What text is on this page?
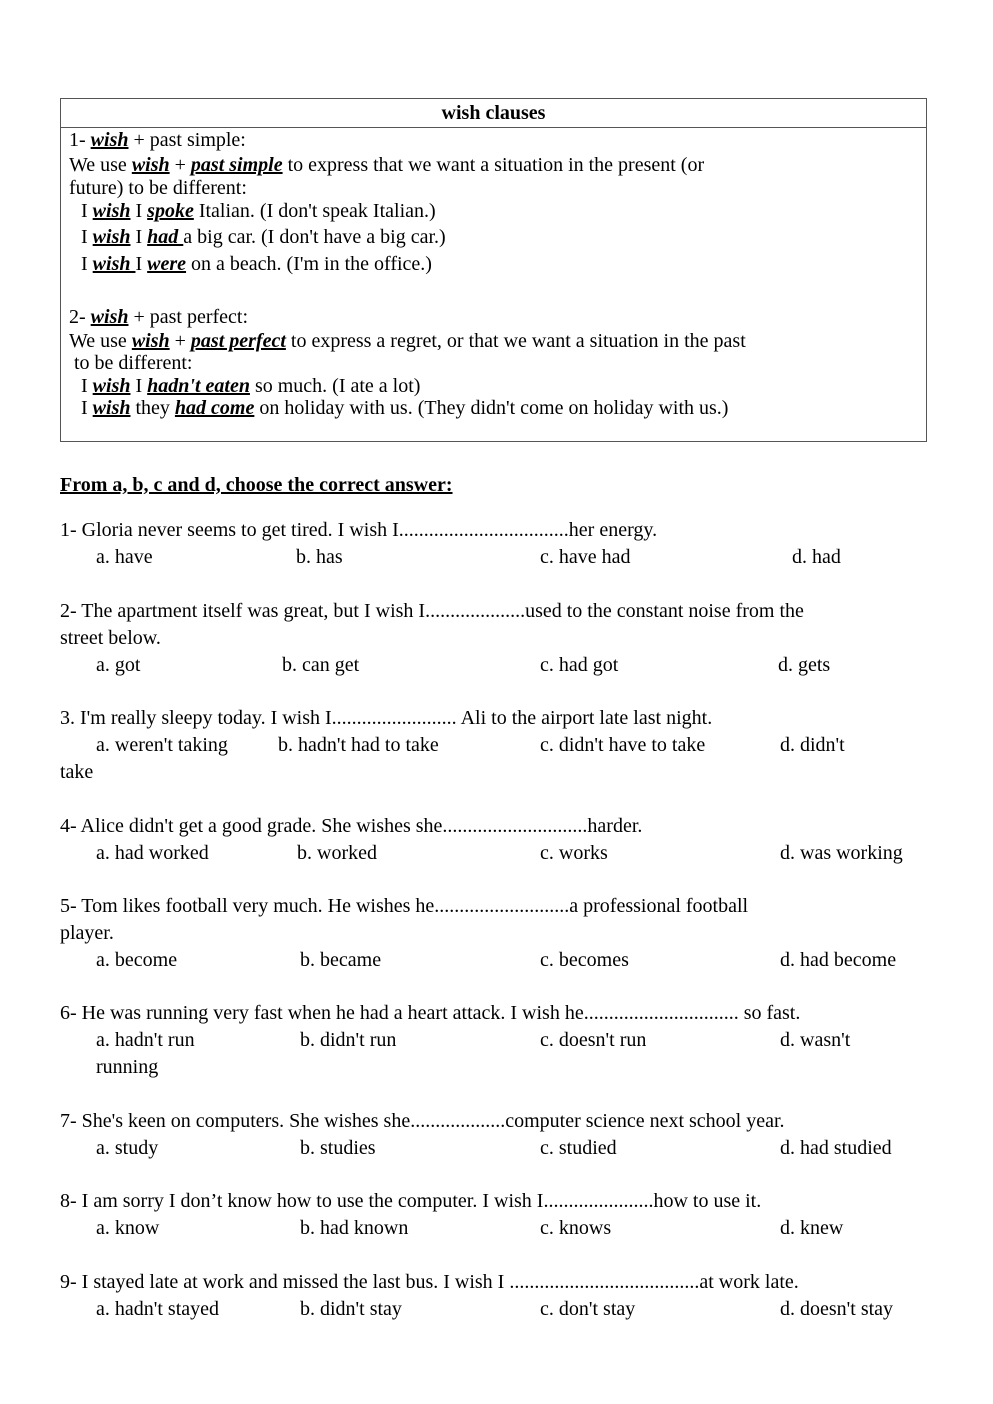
wish clauses
1- wish + past simple:
We use wish + past simple to express that we want a situation in the present (or
future) to be different:
I wish I spoke Italian. (I don't speak Italian.)
I wish I had a big car. (I don't have a big car.)
I wish I were on a beach. (I'm in the office.)
2- wish + past perfect:
We use wish + past perfect to express a regret, or that we want a situation in the past
to be different:
I wish I hadn't eaten so much. (I ate a lot)
I wish they had come on holiday with us. (They didn't come on holiday with us.)
From a, b, c and d, choose the correct answer:
1- Gloria never seems to get tired. I wish I..................................her energy.
a. have	b. has	c. have had	d. had
2- The apartment itself was great, but I wish I....................used to the constant noise from the
street below.
a. got	b. can get	c. had got	d. gets
3. I'm really sleepy today. I wish I......................... Ali to the airport late last night.
a. weren't taking	b. hadn't had to take	c. didn't have to take	d. didn't
take
4- Alice didn't get a good grade. She wishes she.............................harder.
a. had worked	b. worked	c. works	d. was working
5- Tom likes football very much. He wishes he...........................a professional football
player.
a. become	b. became	c. becomes	d. had become
6- He was running very fast when he had a heart attack. I wish he............................... so fast.
a. hadn't run	b. didn't run	c. doesn't run	d. wasn't
running
7- She's keen on computers. She wishes she...................computer science next school year.
a. study	b. studies	c. studied	d. had studied
8- I am sorry I don’t know how to use the computer. I wish I......................how to use it.
a. know	b. had known	c. knows	d. knew
9- I stayed late at work and missed the last bus. I wish I ......................................at work late.
a. hadn't stayed	b. didn't stay	c. don't stay	d. doesn't stay
